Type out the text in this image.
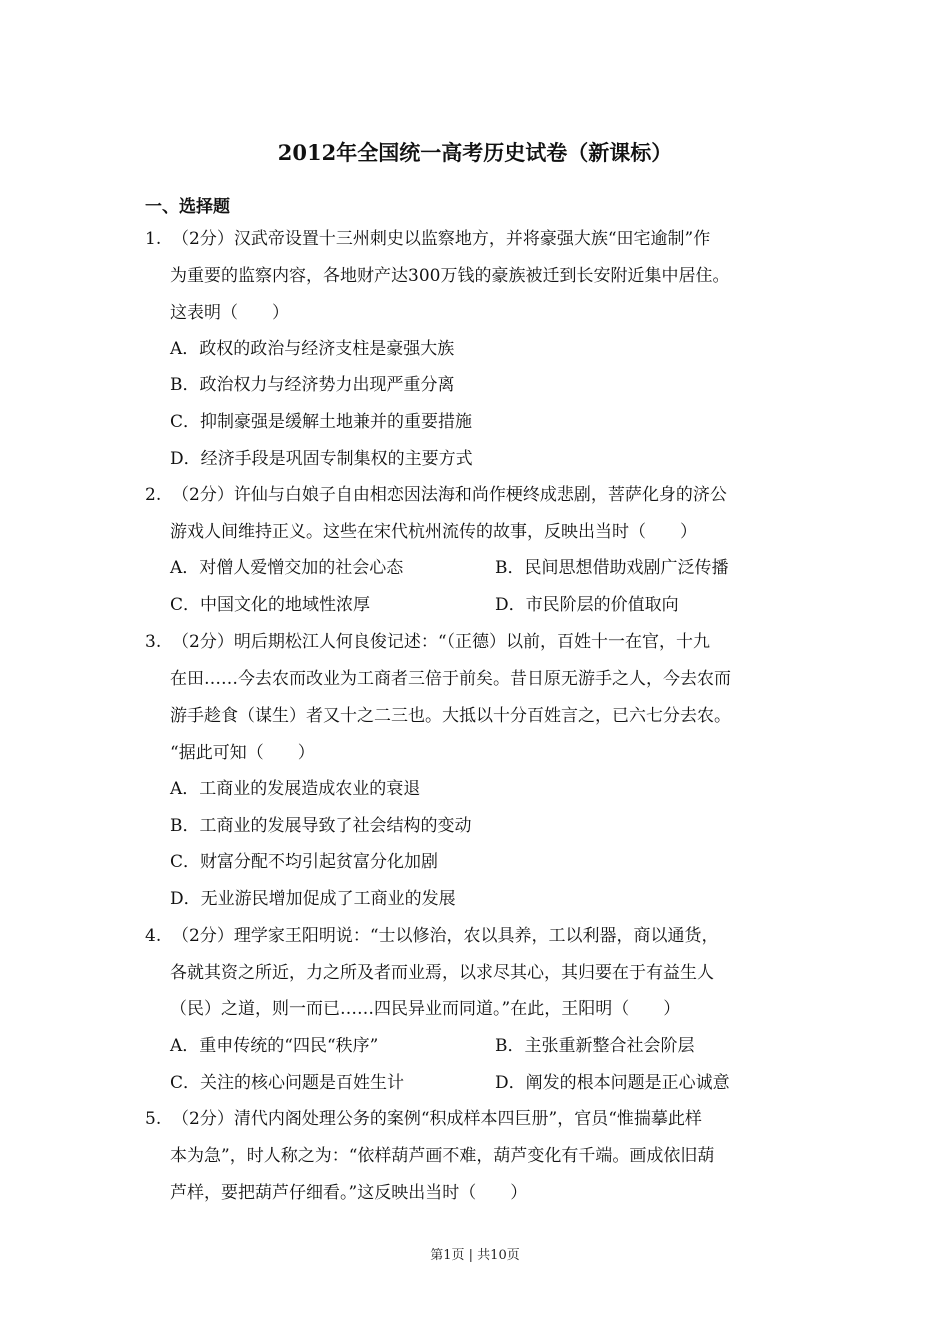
2012年全国统一高考历史试卷（新课标）
一、选择题
1. （2分）汉武帝设置十三州刺史以监察地方，并将豪强大族“田宅逾制”作
为重要的监察内容，各地财产达300万钱的豪族被迁到长安附近集中居住。
这表明（　　）
A．政权的政治与经济支柱是豪强大族
B．政治权力与经济势力出现严重分离
C．抑制豪强是缓解土地兼并的重要措施
D．经济手段是巩固专制集权的主要方式
2. （2分）许仙与白娘子自由相恋因法海和尚作梗终成悲剧，菩萨化身的济公
游戏人间维持正义。这些在宋代杭州流传的故事，反映出当时（　　）
A．对僧人爱憎交加的社会心态	B．民间思想借助戏剧广泛传播
C．中国文化的地域性浓厚	D．市民阶层的价值取向
3. （2分）明后期松江人何良俊记述：“（正德）以前，百姓十一在官，十九
在田……今去农而改业为工商者三倍于前矣。昔日原无游手之人，今去农而
游手趁食（谋生）者又十之二三也。大抵以十分百姓言之，已六七分去农。
“据此可知（　　）
A．工商业的发展造成农业的衰退
B．工商业的发展导致了社会结构的变动
C．财富分配不均引起贫富分化加剧
D．无业游民增加促成了工商业的发展
4. （2分）理学家王阳明说：“士以修治，农以具养，工以利器，商以通货，
各就其资之所近，力之所及者而业焉，以求尽其心，其归要在于有益生人
（民）之道，则一而已……四民异业而同道。”在此，王阳明（　　）
A．重申传统的“四民“秩序”	B．主张重新整合社会阶层
C．关注的核心问题是百姓生计	D．阐发的根本问题是正心诚意
5. （2分）清代内阁处理公务的案例“积成样本四巨册”，官员“惟揣摹此样
本为急”，时人称之为：“依样葫芦画不难，葫芦变化有千端。画成依旧葫
芦样，要把葫芦仔细看。”这反映出当时（　　）
第1页 | 共10页
